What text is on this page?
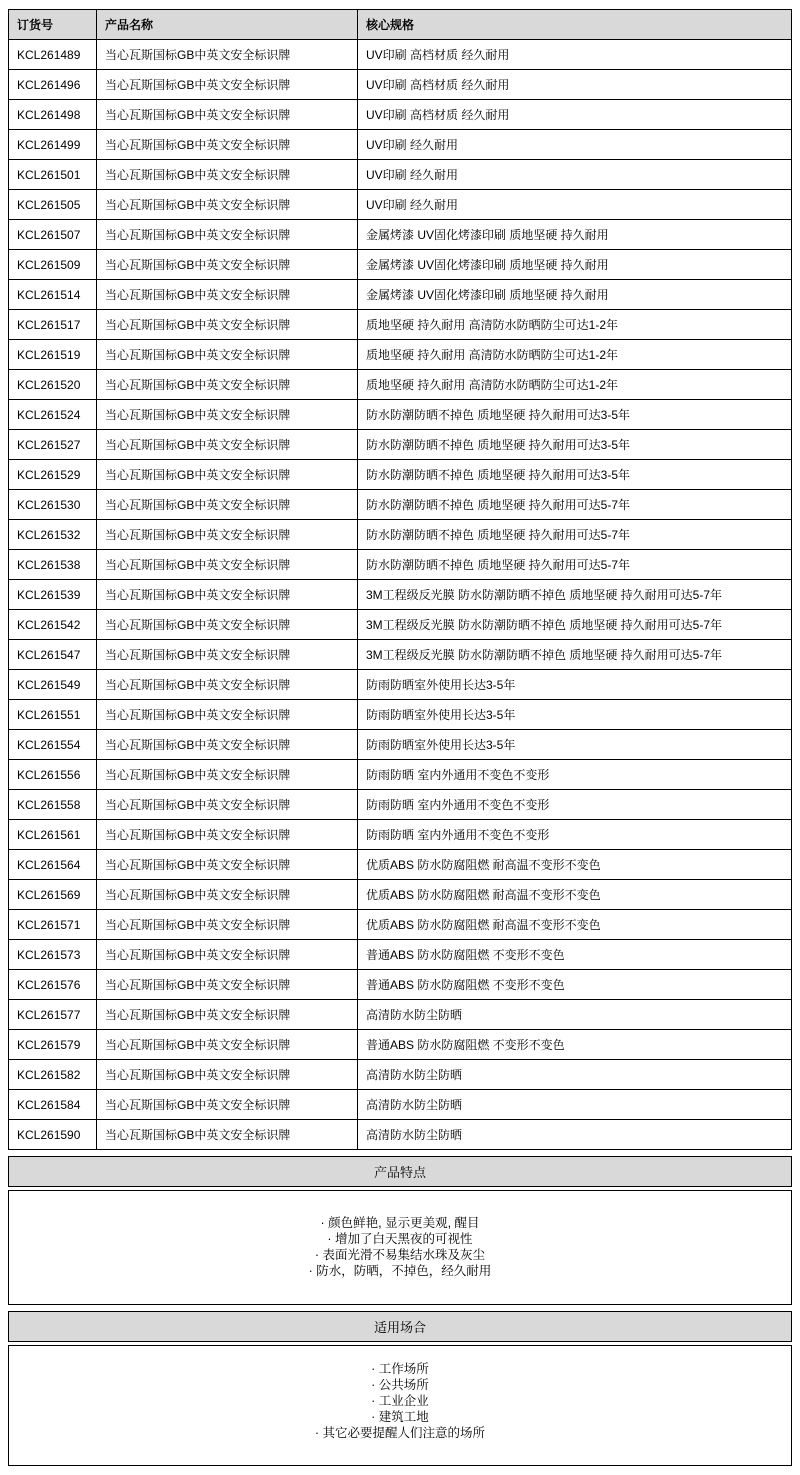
订货号	产品名称	核心规格
KCL261489	当心瓦斯国标GB中英文安全标识牌	UV印刷 高档材质 经久耐用
KCL261496	当心瓦斯国标GB中英文安全标识牌	UV印刷 高档材质 经久耐用
KCL261498	当心瓦斯国标GB中英文安全标识牌	UV印刷 高档材质 经久耐用
KCL261499	当心瓦斯国标GB中英文安全标识牌	UV印刷 经久耐用
KCL261501	当心瓦斯国标GB中英文安全标识牌	UV印刷 经久耐用
KCL261505	当心瓦斯国标GB中英文安全标识牌	UV印刷 经久耐用
KCL261507	当心瓦斯国标GB中英文安全标识牌	金属烤漆 UV固化烤漆印刷 质地坚硬 持久耐用
KCL261509	当心瓦斯国标GB中英文安全标识牌	金属烤漆 UV固化烤漆印刷 质地坚硬 持久耐用
KCL261514	当心瓦斯国标GB中英文安全标识牌	金属烤漆 UV固化烤漆印刷 质地坚硬 持久耐用
KCL261517	当心瓦斯国标GB中英文安全标识牌	质地坚硬 持久耐用 高清防水防晒防尘可达1-2年
KCL261519	当心瓦斯国标GB中英文安全标识牌	质地坚硬 持久耐用 高清防水防晒防尘可达1-2年
KCL261520	当心瓦斯国标GB中英文安全标识牌	质地坚硬 持久耐用 高清防水防晒防尘可达1-2年
KCL261524	当心瓦斯国标GB中英文安全标识牌	防水防潮防晒不掉色 质地坚硬 持久耐用可达3-5年
KCL261527	当心瓦斯国标GB中英文安全标识牌	防水防潮防晒不掉色 质地坚硬 持久耐用可达3-5年
KCL261529	当心瓦斯国标GB中英文安全标识牌	防水防潮防晒不掉色 质地坚硬 持久耐用可达3-5年
KCL261530	当心瓦斯国标GB中英文安全标识牌	防水防潮防晒不掉色 质地坚硬 持久耐用可达5-7年
KCL261532	当心瓦斯国标GB中英文安全标识牌	防水防潮防晒不掉色 质地坚硬 持久耐用可达5-7年
KCL261538	当心瓦斯国标GB中英文安全标识牌	防水防潮防晒不掉色 质地坚硬 持久耐用可达5-7年
KCL261539	当心瓦斯国标GB中英文安全标识牌	3M工程级反光膜 防水防潮防晒不掉色 质地坚硬 持久耐用可达5-7年
KCL261542	当心瓦斯国标GB中英文安全标识牌	3M工程级反光膜 防水防潮防晒不掉色 质地坚硬 持久耐用可达5-7年
KCL261547	当心瓦斯国标GB中英文安全标识牌	3M工程级反光膜 防水防潮防晒不掉色 质地坚硬 持久耐用可达5-7年
KCL261549	当心瓦斯国标GB中英文安全标识牌	防雨防晒室外使用长达3-5年
KCL261551	当心瓦斯国标GB中英文安全标识牌	防雨防晒室外使用长达3-5年
KCL261554	当心瓦斯国标GB中英文安全标识牌	防雨防晒室外使用长达3-5年
KCL261556	当心瓦斯国标GB中英文安全标识牌	防雨防晒 室内外通用不变色不变形
KCL261558	当心瓦斯国标GB中英文安全标识牌	防雨防晒 室内外通用不变色不变形
KCL261561	当心瓦斯国标GB中英文安全标识牌	防雨防晒 室内外通用不变色不变形
KCL261564	当心瓦斯国标GB中英文安全标识牌	优质ABS 防水防腐阻燃 耐高温不变形不变色
KCL261569	当心瓦斯国标GB中英文安全标识牌	优质ABS 防水防腐阻燃 耐高温不变形不变色
KCL261571	当心瓦斯国标GB中英文安全标识牌	优质ABS 防水防腐阻燃 耐高温不变形不变色
KCL261573	当心瓦斯国标GB中英文安全标识牌	普通ABS 防水防腐阻燃 不变形不变色
KCL261576	当心瓦斯国标GB中英文安全标识牌	普通ABS 防水防腐阻燃 不变形不变色
KCL261577	当心瓦斯国标GB中英文安全标识牌	高清防水防尘防晒
KCL261579	当心瓦斯国标GB中英文安全标识牌	普通ABS 防水防腐阻燃 不变形不变色
KCL261582	当心瓦斯国标GB中英文安全标识牌	高清防水防尘防晒
KCL261584	当心瓦斯国标GB中英文安全标识牌	高清防水防尘防晒
KCL261590	当心瓦斯国标GB中英文安全标识牌	高清防水防尘防晒
产品特点
· 颜色鲜艳, 显示更美观, 醒目
· 增加了白天黑夜的可视性
· 表面光滑不易集结水珠及灰尘
· 防水，防晒，不掉色，经久耐用
适用场合
· 工作场所
· 公共场所
· 工业企业
· 建筑工地
· 其它必要提醒人们注意的场所
